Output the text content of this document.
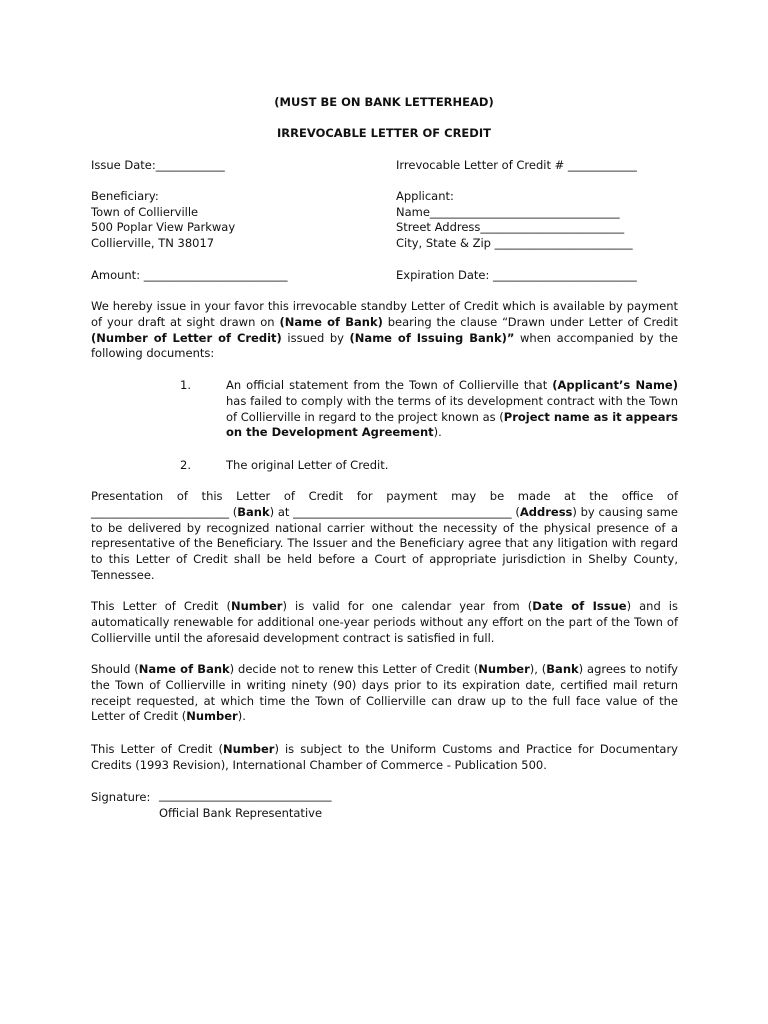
(MUST BE ON BANK LETTERHEAD)
IRREVOCABLE LETTER OF CREDIT
Issue Date:____________	Irrevocable Letter of Credit # ____________
Beneficiary:
Town of Collierville
500 Poplar View Parkway
Collierville, TN 38017
Applicant:
Name_________________________________
Street Address_________________________
City, State & Zip ________________________
Amount: _________________________	Expiration Date: _________________________
We hereby issue in your favor this irrevocable standby Letter of Credit which is available by payment of your draft at sight drawn on (Name of Bank) bearing the clause “Drawn under Letter of Credit (Number of Letter of Credit) issued by (Name of Issuing Bank)” when accompanied by the following documents:
1.	An official statement from the Town of Collierville that (Applicant’s Name) has failed to comply with the terms of its development contract with the Town of Collierville in regard to the project known as (Project name as it appears on the Development Agreement).
2.	The original Letter of Credit.
Presentation of this Letter of Credit for payment may be made at the office of ________________________ (Bank) at ______________________________________ (Address) by causing same to be delivered by recognized national carrier without the necessity of the physical presence of a representative of the Beneficiary. The Issuer and the Beneficiary agree that any litigation with regard to this Letter of Credit shall be held before a Court of appropriate jurisdiction in Shelby County, Tennessee.
This Letter of Credit (Number) is valid for one calendar year from (Date of Issue) and is automatically renewable for additional one-year periods without any effort on the part of the Town of Collierville until the aforesaid development contract is satisfied in full.
Should (Name of Bank) decide not to renew this Letter of Credit (Number), (Bank) agrees to notify the Town of Collierville in writing ninety (90) days prior to its expiration date, certified mail return receipt requested, at which time the Town of Collierville can draw up to the full face value of the Letter of Credit (Number).
This Letter of Credit (Number) is subject to the Uniform Customs and Practice for Documentary Credits (1993 Revision), International Chamber of Commerce - Publication 500.
Signature: ______________________________
Official Bank Representative
